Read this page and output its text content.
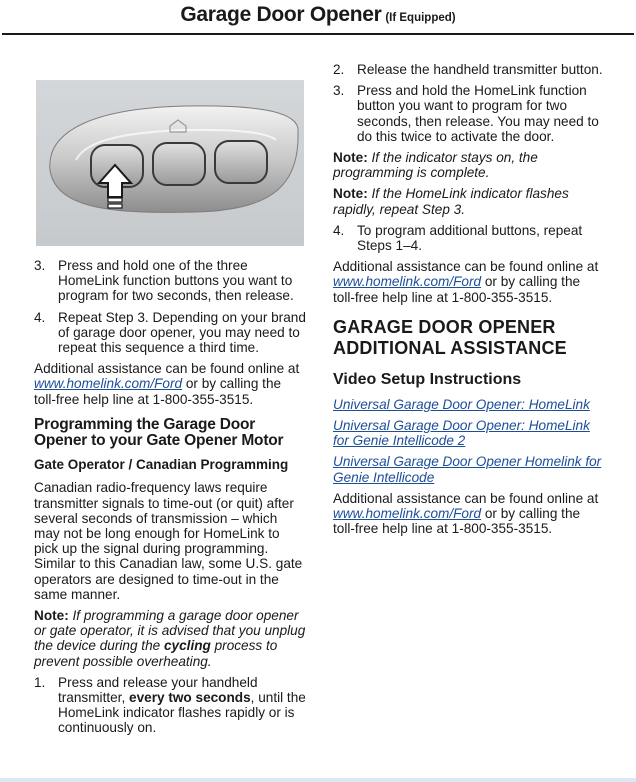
Garage Door Opener (If Equipped)
3. Press and hold one of the three HomeLink function buttons you want to program for two seconds, then release.
4. Repeat Step 3. Depending on your brand of garage door opener, you may need to repeat this sequence a third time.

Additional assistance can be found online at www.homelink.com/Ford or by calling the toll-free help line at 1-800-355-3515.

Programming the Garage Door Opener to your Gate Opener Motor
Gate Operator / Canadian Programming

Canadian radio-frequency laws require transmitter signals to time-out (or quit) after several seconds of transmission – which may not be long enough for HomeLink to pick up the signal during programming. Similar to this Canadian law, some U.S. gate operators are designed to time-out in the same manner.

Note: If programming a garage door opener or gate operator, it is advised that you unplug the device during the cycling process to prevent possible overheating.

1. Press and release your handheld transmitter, every two seconds, until the HomeLink indicator flashes rapidly or is continuously on.
2. Release the handheld transmitter button.
3. Press and hold the HomeLink function button you want to program for two seconds, then release. You may need to do this twice to activate the door.

Note: If the indicator stays on, the programming is complete.

Note: If the HomeLink indicator flashes rapidly, repeat Step 3.

4. To program additional buttons, repeat Steps 1–4.

Additional assistance can be found online at www.homelink.com/Ford or by calling the toll-free help line at 1-800-355-3515.

GARAGE DOOR OPENER ADDITIONAL ASSISTANCE
Video Setup Instructions
Universal Garage Door Opener: HomeLink
Universal Garage Door Opener: HomeLink for Genie Intellicode 2
Universal Garage Door Opener Homelink for Genie Intellicode

Additional assistance can be found online at www.homelink.com/Ford or by calling the toll-free help line at 1-800-355-3515.
